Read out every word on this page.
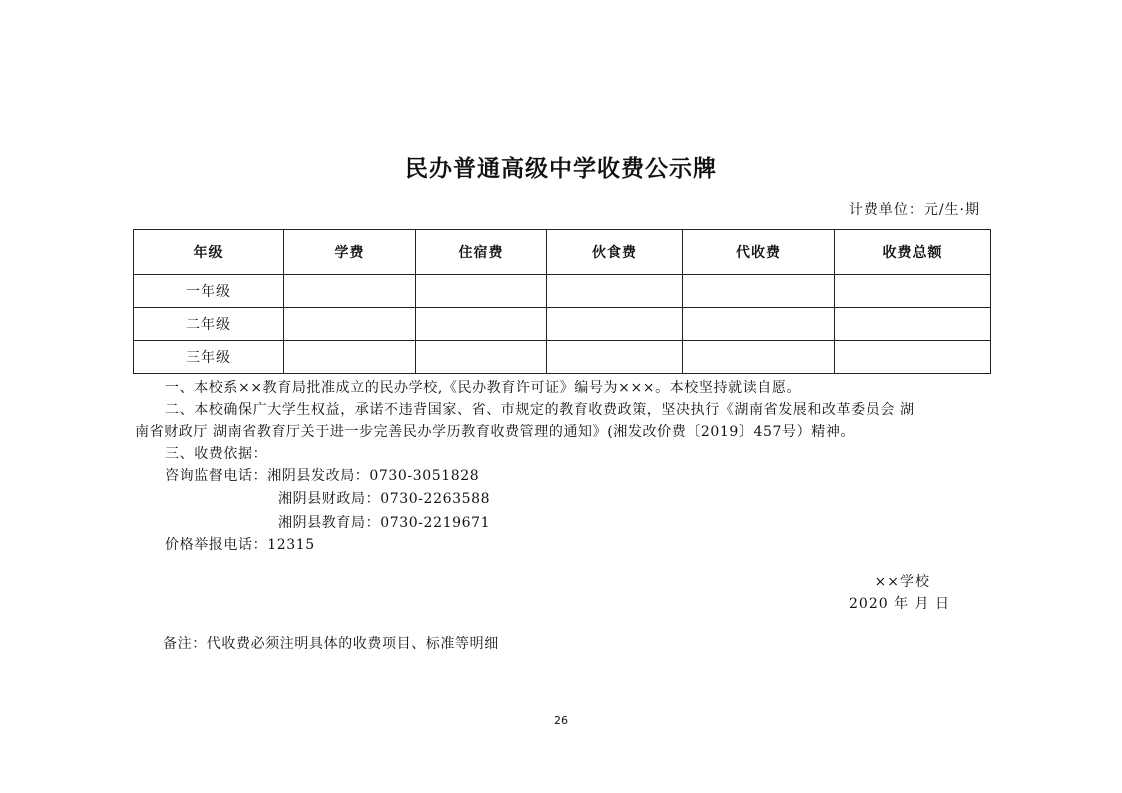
民办普通高级中学收费公示牌
计费单位：元/生·期
年级	学费	住宿费	伙食费	代收费	收费总额
一年级					
二年级					
三年级					
一、本校系××教育局批准成立的民办学校,《民办教育许可证》编号为×××。本校坚持就读自愿。
二、本校确保广大学生权益，承诺不违背国家、省、市规定的教育收费政策，坚决执行《湖南省发展和改革委员会 湖
南省财政厅 湖南省教育厅关于进一步完善民办学历教育收费管理的通知》(湘发改价费〔2019〕457号）精神。
三、收费依据：
咨询监督电话：湘阴县发改局：0730-3051828
湘阴县财政局：0730-2263588
湘阴县教育局：0730-2219671
价格举报电话：12315
××学校
2020 年 月 日
备注：代收费必须注明具体的收费项目、标准等明细
26
